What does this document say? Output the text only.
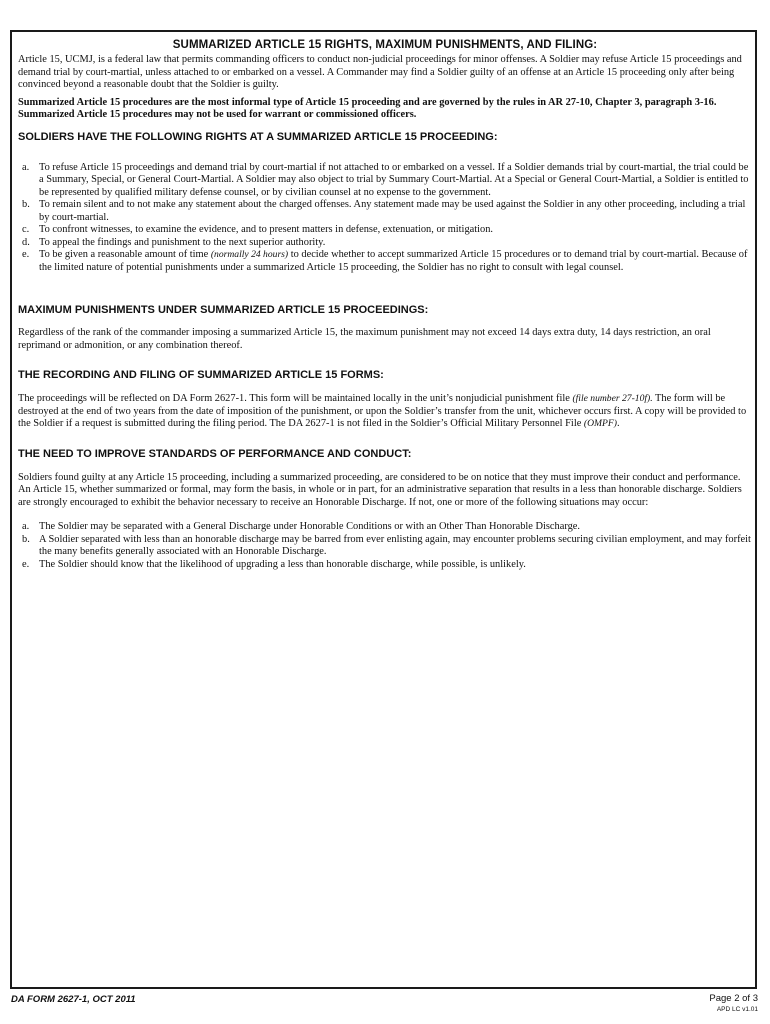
SUMMARIZED ARTICLE 15 RIGHTS, MAXIMUM PUNISHMENTS, AND FILING:

Article 15, UCMJ, is a federal law that permits commanding officers to conduct non-judicial proceedings for minor offenses. A Soldier may refuse Article 15 proceedings and demand trial by court-martial, unless attached to or embarked on a vessel. A Commander may find a Soldier guilty of an offense at an Article 15 proceeding only after being convinced beyond a reasonable doubt that the Soldier is guilty.

Summarized Article 15 procedures are the most informal type of Article 15 proceeding and are governed by the rules in AR 27-10, Chapter 3, paragraph 3-16. Summarized Article 15 procedures may not be used for warrant or commissioned officers.

SOLDIERS HAVE THE FOLLOWING RIGHTS AT A SUMMARIZED ARTICLE 15 PROCEEDING:
a. To refuse Article 15 proceedings and demand trial by court-martial if not attached to or embarked on a vessel. If a Soldier demands trial by court-martial, the trial could be a Summary, Special, or General Court-Martial. A Soldier may also object to trial by Summary Court-Martial. At a Special or General Court-Martial, a Soldier is entitled to be represented by qualified military defense counsel, or by civilian counsel at no expense to the government.
b. To remain silent and to not make any statement about the charged offenses. Any statement made may be used against the Soldier in any other proceeding, including a trial by court-martial.
c. To confront witnesses, to examine the evidence, and to present matters in defense, extenuation, or mitigation.
d. To appeal the findings and punishment to the next superior authority.
e. To be given a reasonable amount of time (normally 24 hours) to decide whether to accept summarized Article 15 procedures or to demand trial by court-martial. Because of the limited nature of potential punishments under a summarized Article 15 proceeding, the Soldier has no right to consult with legal counsel.
MAXIMUM PUNISHMENTS UNDER SUMMARIZED ARTICLE 15 PROCEEDINGS:

Regardless of the rank of the commander imposing a summarized Article 15, the maximum punishment may not exceed 14 days extra duty, 14 days restriction, an oral reprimand or admonition, or any combination thereof.

THE RECORDING AND FILING OF SUMMARIZED ARTICLE 15 FORMS:

The proceedings will be reflected on DA Form 2627-1. This form will be maintained locally in the unit’s nonjudicial punishment file (file number 27-10f). The form will be destroyed at the end of two years from the date of imposition of the punishment, or upon the Soldier’s transfer from the unit, whichever occurs first. A copy will be provided to the Soldier if a request is submitted during the filing period. The DA 2627-1 is not filed in the Soldier’s Official Military Personnel File (OMPF).

THE NEED TO IMPROVE STANDARDS OF PERFORMANCE AND CONDUCT:

Soldiers found guilty at any Article 15 proceeding, including a summarized proceeding, are considered to be on notice that they must improve their conduct and performance. An Article 15, whether summarized or formal, may form the basis, in whole or in part, for an administrative separation that results in a less than honorable discharge. Soldiers are strongly encouraged to exhibit the behavior necessary to receive an Honorable Discharge. If not, one or more of the following situations may occur:

a. The Soldier may be separated with a General Discharge under Honorable Conditions or with an Other Than Honorable Discharge.
b. A Soldier separated with less than an honorable discharge may be barred from ever enlisting again, may encounter problems securing civilian employment, and may forfeit the many benefits generally associated with an Honorable Discharge.
e. The Soldier should know that the likelihood of upgrading a less than honorable discharge, while possible, is unlikely.
DA FORM 2627-1, OCT 2011	Page 2 of 3
APD LC v1.01
